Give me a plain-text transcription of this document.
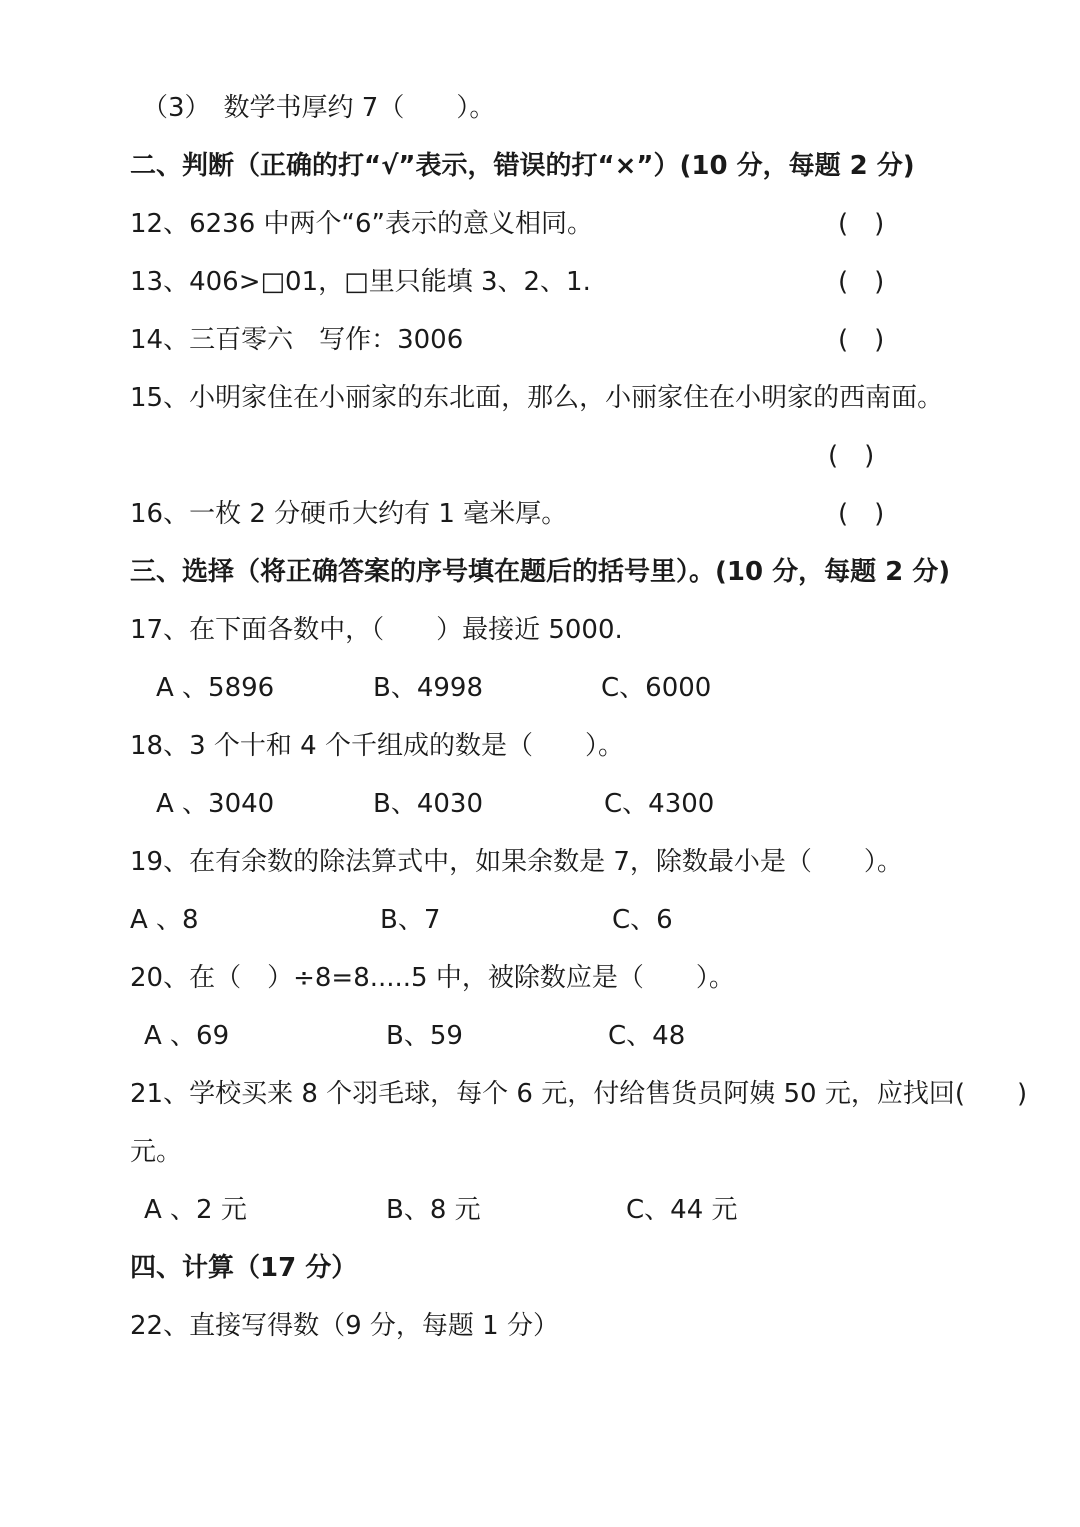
（3）　数学书厚约 7（　　）。
二、判断（正确的打“√”表示，错误的打“×”）(10 分，每题 2 分)
12、6236 中两个“6”表示的意义相同。	(　)
13、406>□01，□里只能填 3、2、1.	(　)
14、三百零六　写作：3006	(　)
15、小明家住在小丽家的东北面，那么，小丽家住在小明家的西南面。
(　)
16、一枚 2 分硬币大约有 1 毫米厚。	(　)
三、选择（将正确答案的序号填在题后的括号里）。(10 分，每题 2 分)
17、在下面各数中，（　　）最接近 5000.
A 、5896	B、4998	C、6000
18、3 个十和 4 个千组成的数是（　　）。
A 、3040	B、4030	C、4300
19、在有余数的除法算式中，如果余数是 7，除数最小是（　　）。
A 、8	B、7	C、6
20、在（　）÷8=8.....5 中，被除数应是（　　）。
A 、69	B、59	C、48
21、学校买来 8 个羽毛球，每个 6 元，付给售货员阿姨 50 元，应找回(　　)
元。
A 、2 元	B、8 元	C、44 元
四、计算（17 分）
22、直接写得数（9 分，每题 1 分）
